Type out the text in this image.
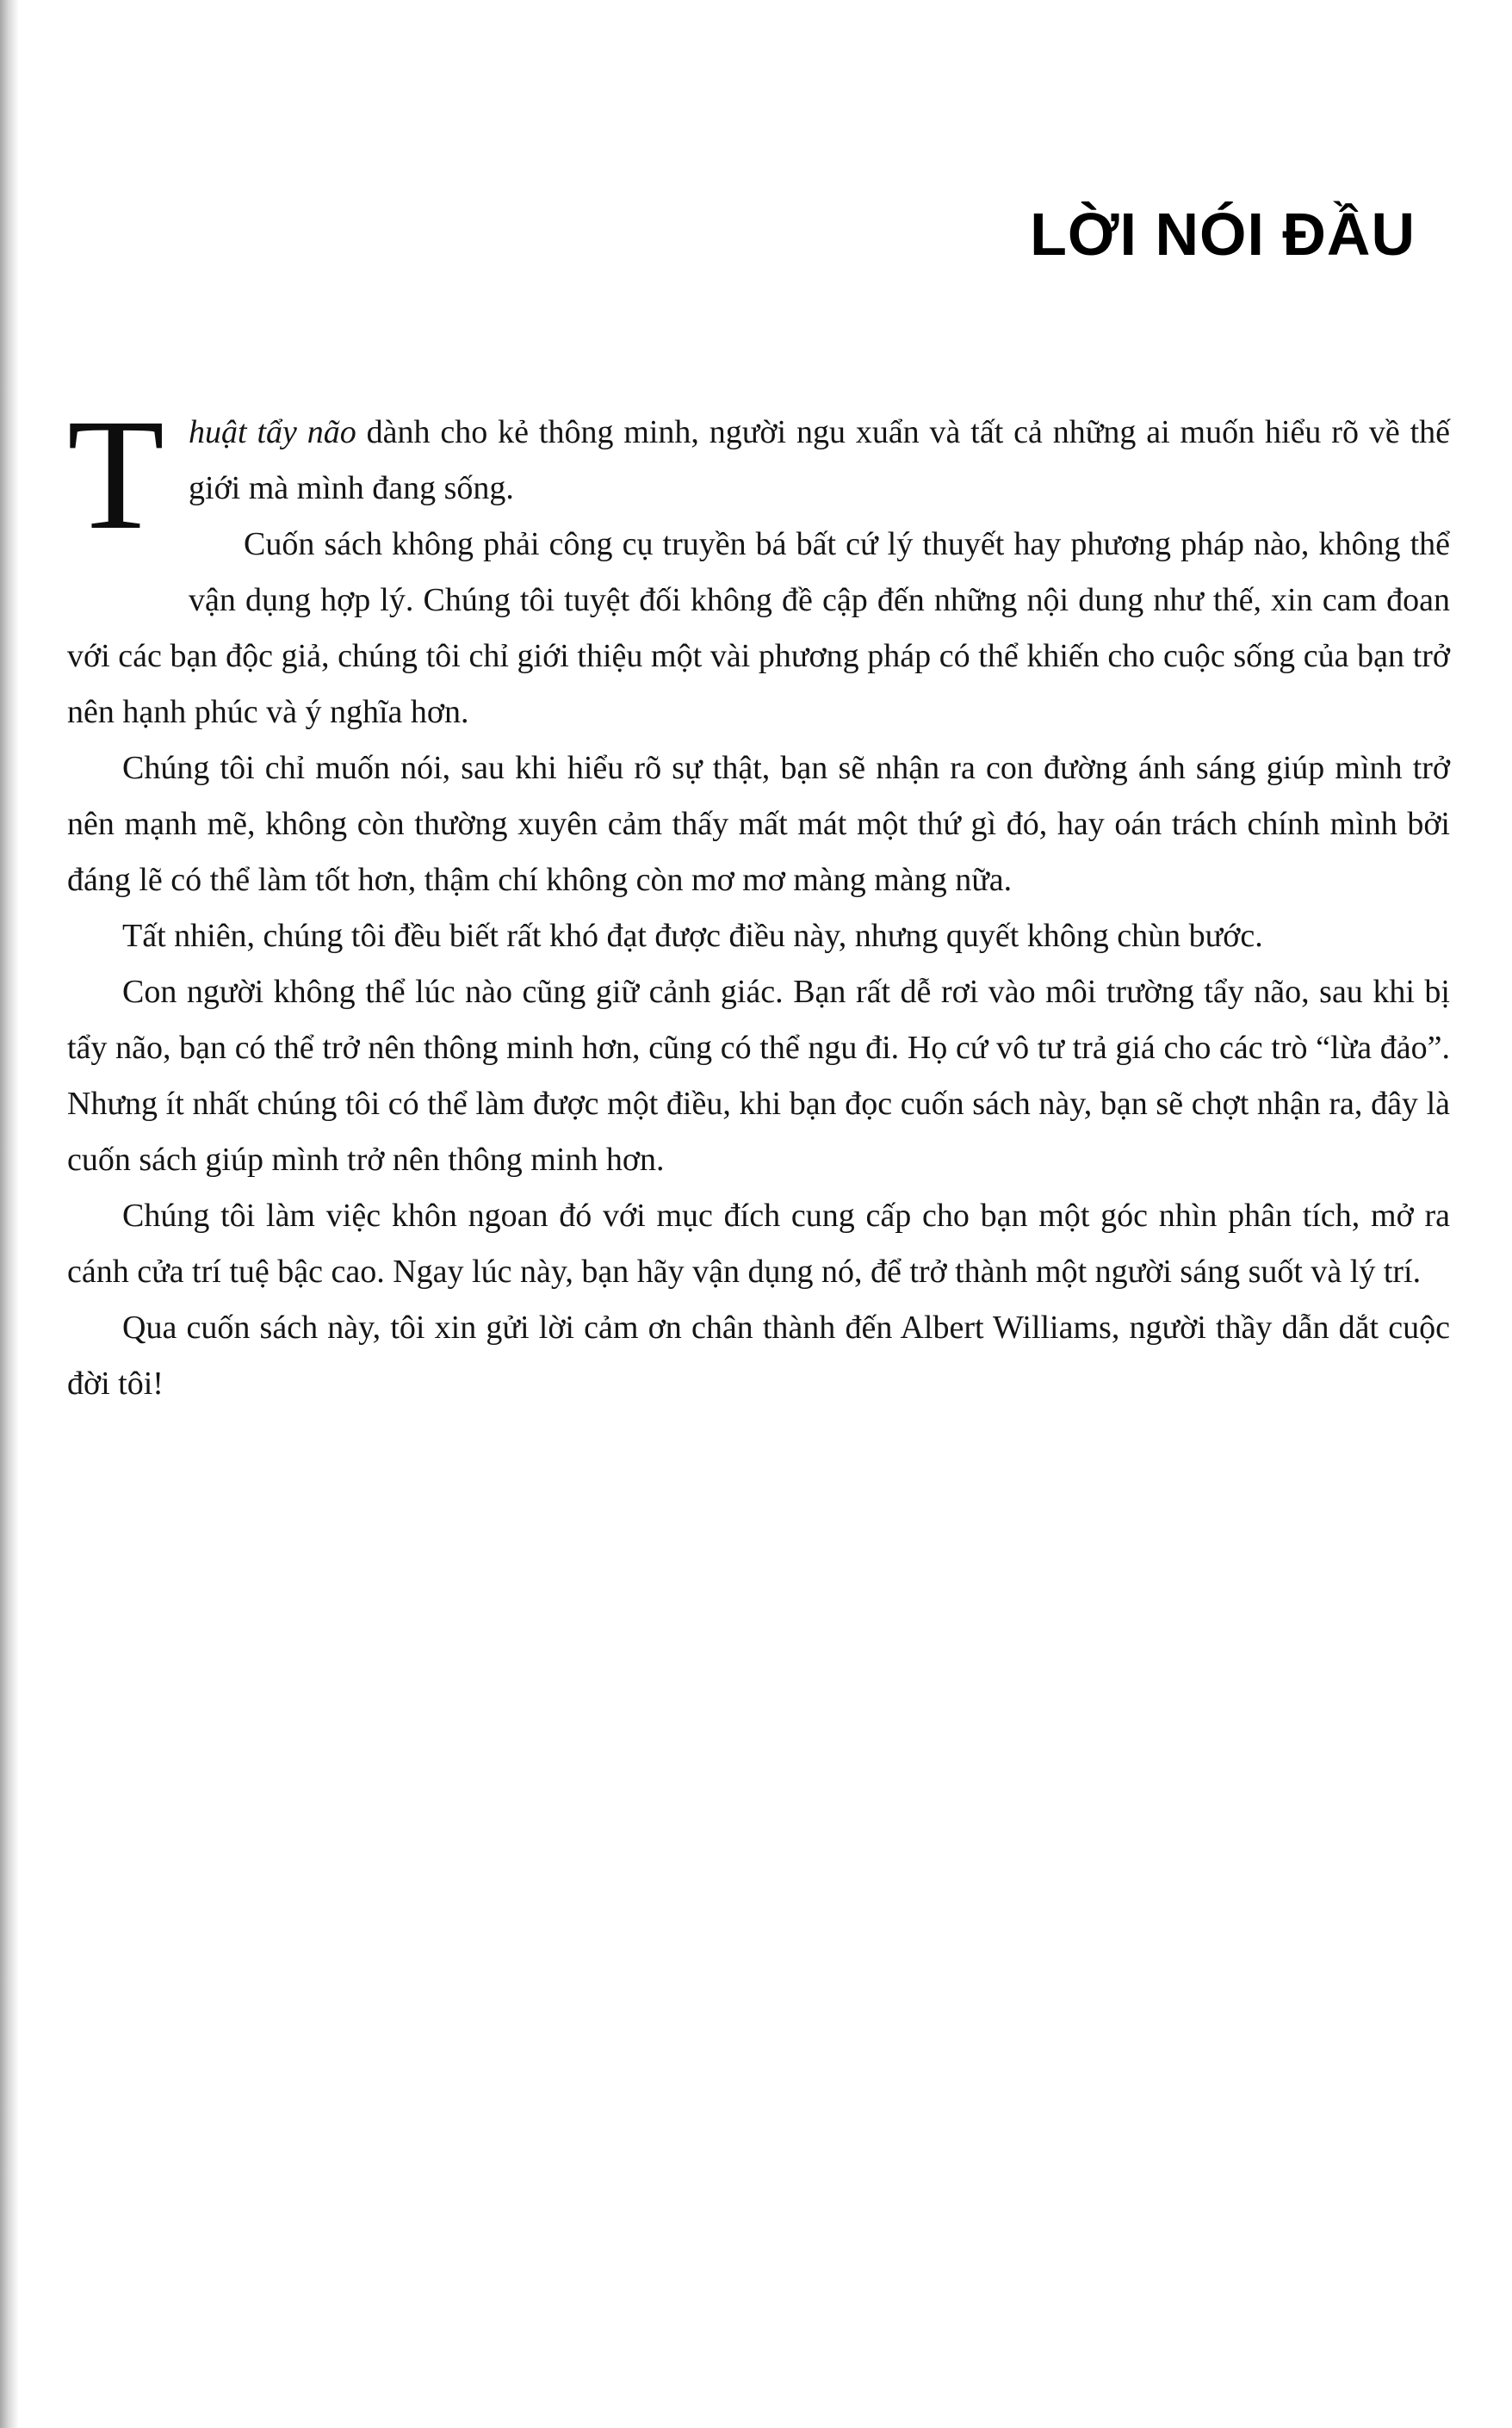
LỜI NÓI ĐẦU
T huật tẩy não dành cho kẻ thông minh, người ngu xuẩn và tất cả những ai muốn hiểu rõ về thế giới mà mình đang sống.

Cuốn sách không phải công cụ truyền bá bất cứ lý thuyết hay phương pháp nào, không thể vận dụng hợp lý. Chúng tôi tuyệt đối không đề cập đến những nội dung như thế, xin cam đoan với các bạn độc giả, chúng tôi chỉ giới thiệu một vài phương pháp có thể khiến cho cuộc sống của bạn trở nên hạnh phúc và ý nghĩa hơn.

Chúng tôi chỉ muốn nói, sau khi hiểu rõ sự thật, bạn sẽ nhận ra con đường ánh sáng giúp mình trở nên mạnh mẽ, không còn thường xuyên cảm thấy mất mát một thứ gì đó, hay oán trách chính mình bởi đáng lẽ có thể làm tốt hơn, thậm chí không còn mơ mơ màng màng nữa.

Tất nhiên, chúng tôi đều biết rất khó đạt được điều này, nhưng quyết không chùn bước.

Con người không thể lúc nào cũng giữ cảnh giác. Bạn rất dễ rơi vào môi trường tẩy não, sau khi bị tẩy não, bạn có thể trở nên thông minh hơn, cũng có thể ngu đi. Họ cứ vô tư trả giá cho các trò “lừa đảo”. Nhưng ít nhất chúng tôi có thể làm được một điều, khi bạn đọc cuốn sách này, bạn sẽ chợt nhận ra, đây là cuốn sách giúp mình trở nên thông minh hơn.

Chúng tôi làm việc khôn ngoan đó với mục đích cung cấp cho bạn một góc nhìn phân tích, mở ra cánh cửa trí tuệ bậc cao. Ngay lúc này, bạn hãy vận dụng nó, để trở thành một người sáng suốt và lý trí.

Qua cuốn sách này, tôi xin gửi lời cảm ơn chân thành đến Albert Williams, người thầy dẫn dắt cuộc đời tôi!
